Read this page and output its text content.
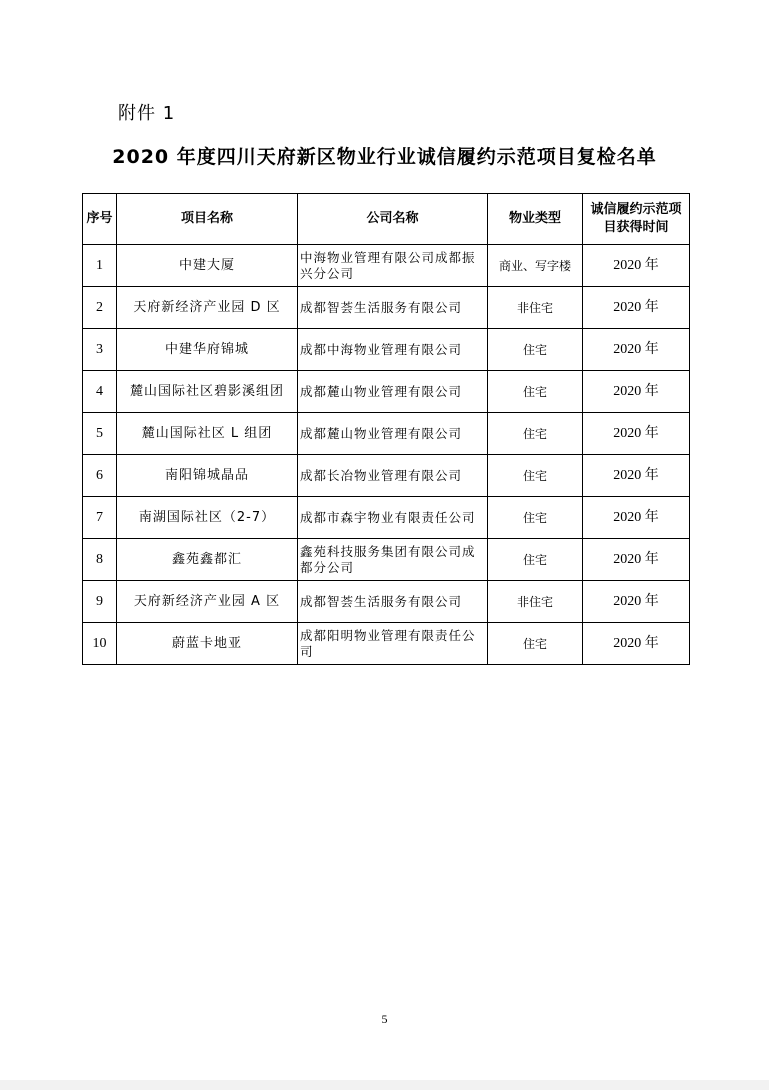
附件 1
2020 年度四川天府新区物业行业诚信履约示范项目复检名单
序号	项目名称	公司名称	物业类型	诚信履约示范项目获得时间
1	中建大厦	中海物业管理有限公司成都振兴分公司	商业、写字楼	2020 年
2	天府新经济产业园 D 区	成都智荟生活服务有限公司	非住宅	2020 年
3	中建华府锦城	成都中海物业管理有限公司	住宅	2020 年
4	麓山国际社区碧影溪组团	成都麓山物业管理有限公司	住宅	2020 年
5	麓山国际社区 L 组团	成都麓山物业管理有限公司	住宅	2020 年
6	南阳锦城晶品	成都长冶物业管理有限公司	住宅	2020 年
7	南湖国际社区（2-7）	成都市森宇物业有限责任公司	住宅	2020 年
8	鑫苑鑫都汇	鑫苑科技服务集团有限公司成都分公司	住宅	2020 年
9	天府新经济产业园 A 区	成都智荟生活服务有限公司	非住宅	2020 年
10	蔚蓝卡地亚	成都阳明物业管理有限责任公司	住宅	2020 年
5
